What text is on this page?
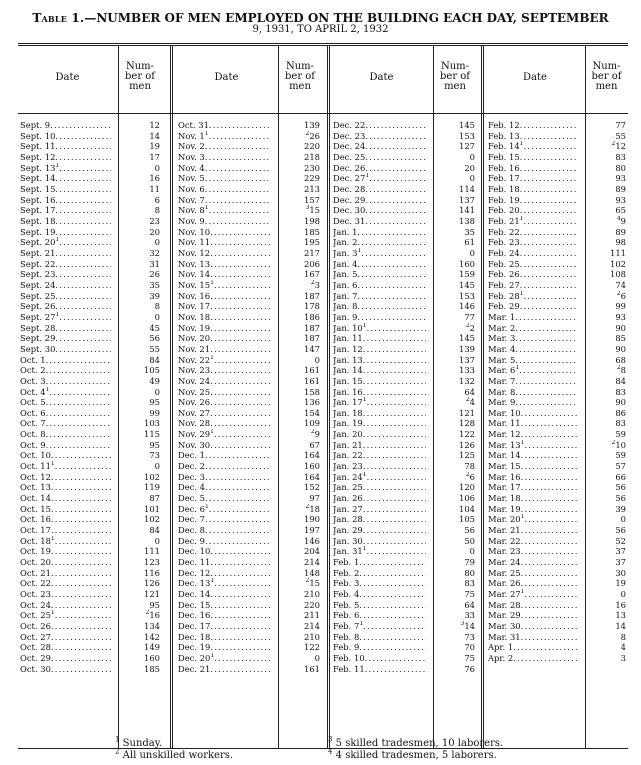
Table 1.—NUMBER OF MEN EMPLOYED ON THE BUILDING EACH DAY, SEPTEMBER
9, 1931, TO APRIL 2, 1932
Date
Num-
ber of
men
Sept. 9 .....	12
Sept. 10 .....	14
Sept. 11 .....	19
Sept. 12 .....	17
Sept. $13^1$ .....	0
Sept. 14 .....	16
Sept. 15 .....	11
Sept. 16 .....	6
Sept. 17 .....	8
Sept. 18 .....	23
Sept. 19 .....	20
Sept. $20^1$ .....	0
Sept. 21 .....	32
Sept. 22 .....	31
Sept. 23 .....	26
Sept. 24 .....	35
Sept. 25 .....	39
Sept. 26 .....	8
Sept. $27^1$ .....	0
Sept. 28 .....	45
Sept. 29 .....	56
Sept. 30 .....	55
Oct. 1 .....	84
Oct. 2 .....	105
Oct. 3 .....	49
Oct. $4^1$ .....	0
Oct. 5 .....	95
Oct. 6 .....	99
Oct. 7 .....	103
Oct. 8 .....	115
Oct. 9 .....	95
Oct. 10 .....	73
Oct. $11^1$ .....	0
Oct. 12 .....	102
Oct. 13 .....	119
Oct. 14 .....	87
Oct. 15 .....	101
Oct. 16 .....	102
Oct. 17 .....	84
Oct. $18^1$ .....	0
Oct. 19 .....	111
Oct. 20 .....	123
Oct. 21 .....	116
Oct. 22 .....	126
Oct. 23 .....	121
Oct. 24 .....	95
Oct. $25^1$ .....	$^2$16
Oct. 26 .....	134
Oct. 27 .....	142
Oct. 28 .....	149
Oct. 29 .....	160
Oct. 30 .....	185
Date
Num-
ber of
men
Oct. 31 .....	139
Nov. $1^1$ .....	$^2$26
Nov. 2 .....	220
Nov. 3 .....	218
Nov. 4 .....	230
Nov. 5 .....	229
Nov. 6 .....	213
Nov. 7 .....	157
Nov. $8^1$ .....	$^3$15
Nov. 9 .....	198
Nov. 10 .....	185
Nov. 11 .....	195
Nov. 12 .....	217
Nov. 13 .....	206
Nov. 14 .....	167
Nov. $15^1$ .....	$^2$3
Nov. 16 .....	187
Nov. 17 .....	178
Nov. 18 .....	186
Nov. 19 .....	187
Nov. 20 .....	187
Nov. 21 .....	147
Nov. $22^1$ .....	0
Nov. 23 .....	161
Nov. 24 .....	161
Nov. 25 .....	158
Nov. 26 .....	136
Nov. 27 .....	154
Nov. 28 .....	109
Nov. $29^1$ .....	$^2$9
Nov. 30 .....	67
Dec. 1 .....	164
Dec. 2 .....	160
Dec. 3 .....	164
Dec. 4 .....	152
Dec. 5 .....	97
Dec. $6^1$ .....	$^2$18
Dec. 7 .....	190
Dec. 8 .....	197
Dec. 9 .....	146
Dec. 10 .....	204
Dec. 11 .....	214
Dec. 12 .....	148
Dec. $13^1$ .....	$^2$15
Dec. 14 .....	210
Dec. 15 .....	220
Dec. 16 .....	211
Dec. 17 .....	214
Dec. 18 .....	210
Dec. 19 .....	122
Dec. $20^1$ .....	0
Dec. 21 .....	161
Date
Num-
ber of
men
Dec. 22 .....	145
Dec. 23 .....	153
Dec. 24 .....	127
Dec. 25 .....	0
Dec. 26 .....	20
Dec. $27^1$ .....	0
Dec. 28 .....	114
Dec. 29 .....	137
Dec. 30 .....	141
Dec. 31 .....	138
Jan. 1 .....	35
Jan. 2 .....	61
Jan. $3^1$ .....	0
Jan. 4 .....	160
Jan. 5 .....	159
Jan. 6 .....	145
Jan. 7 .....	153
Jan. 8 .....	146
Jan. 9 .....	77
Jan. $10^1$ .....	$^2$2
Jan. 11 .....	145
Jan. 12 .....	139
Jan. 13 .....	137
Jan. 14 .....	133
Jan. 15 .....	132
Jan. 16 .....	64
Jan. $17^1$ .....	$^2$4
Jan. 18 .....	121
Jan. 19 .....	128
Jan. 20 .....	122
Jan. 21 .....	126
Jan. 22 .....	125
Jan. 23 .....	78
Jan. $24^1$ .....	$^2$6
Jan. 25 .....	120
Jan. 26 .....	106
Jan. 27 .....	104
Jan. 28 .....	105
Jan. 29 .....	56
Jan. 30 .....	50
Jan. $31^1$ .....	0
Feb. 1 .....	79
Feb. 2 .....	80
Feb. 3 .....	83
Feb. 4 .....	75
Feb. 5 .....	64
Feb. 6 .....	33
Feb. $7^1$ .....	$^3$14
Feb. 8 .....	73
Feb. 9 .....	70
Feb. 10 .....	75
Feb. 11 .....	76
Date
Num-
ber of
men
Feb. 12 .....	77
Feb. 13 .....	55
Feb. $14^1$ .....	$^2$12
Feb. 15 .....	83
Feb. 16 .....	80
Feb. 17 .....	93
Feb. 18 .....	89
Feb. 19 .....	93
Feb. 20 .....	65
Feb. $21^1$ .....	$^4$9
Feb. 22 .....	89
Feb. 23 .....	98
Feb. 24 .....	111
Feb. 25 .....	102
Feb. 26 .....	108
Feb. 27 .....	74
Feb. $28^1$ .....	$^2$6
Feb. 29 .....	99
Mar. 1 .....	93
Mar. 2 .....	90
Mar. 3 .....	85
Mar. 4 .....	90
Mar. 5 .....	68
Mar. $6^1$ .....	$^2$8
Mar. 7 .....	84
Mar. 8 .....	83
Mar. 9 .....	90
Mar. 10 .....	86
Mar. 11 .....	83
Mar. 12 .....	59
Mar. $13^1$ .....	$^2$10
Mar. 14 .....	59
Mar. 15 .....	57
Mar. 16 .....	66
Mar. 17 .....	56
Mar. 18 .....	56
Mar. 19 .....	39
Mar. $20^1$ .....	0
Mar. 21 .....	56
Mar. 22 .....	52
Mar. 23 .....	37
Mar. 24 .....	37
Mar. 25 .....	30
Mar. 26 .....	19
Mar. $27^1$ .....	0
Mar. 28 .....	16
Mar. 29 .....	13
Mar. 30 .....	14
Mar. 31 .....	8
Apr. 1 .....	4
Apr. 2 .....	3
$^1$ Sunday.
$^2$ All unskilled workers.
$^3$ 5 skilled tradesmen, 10 laborers.
$^4$ 4 skilled tradesmen, 5 laborers.
